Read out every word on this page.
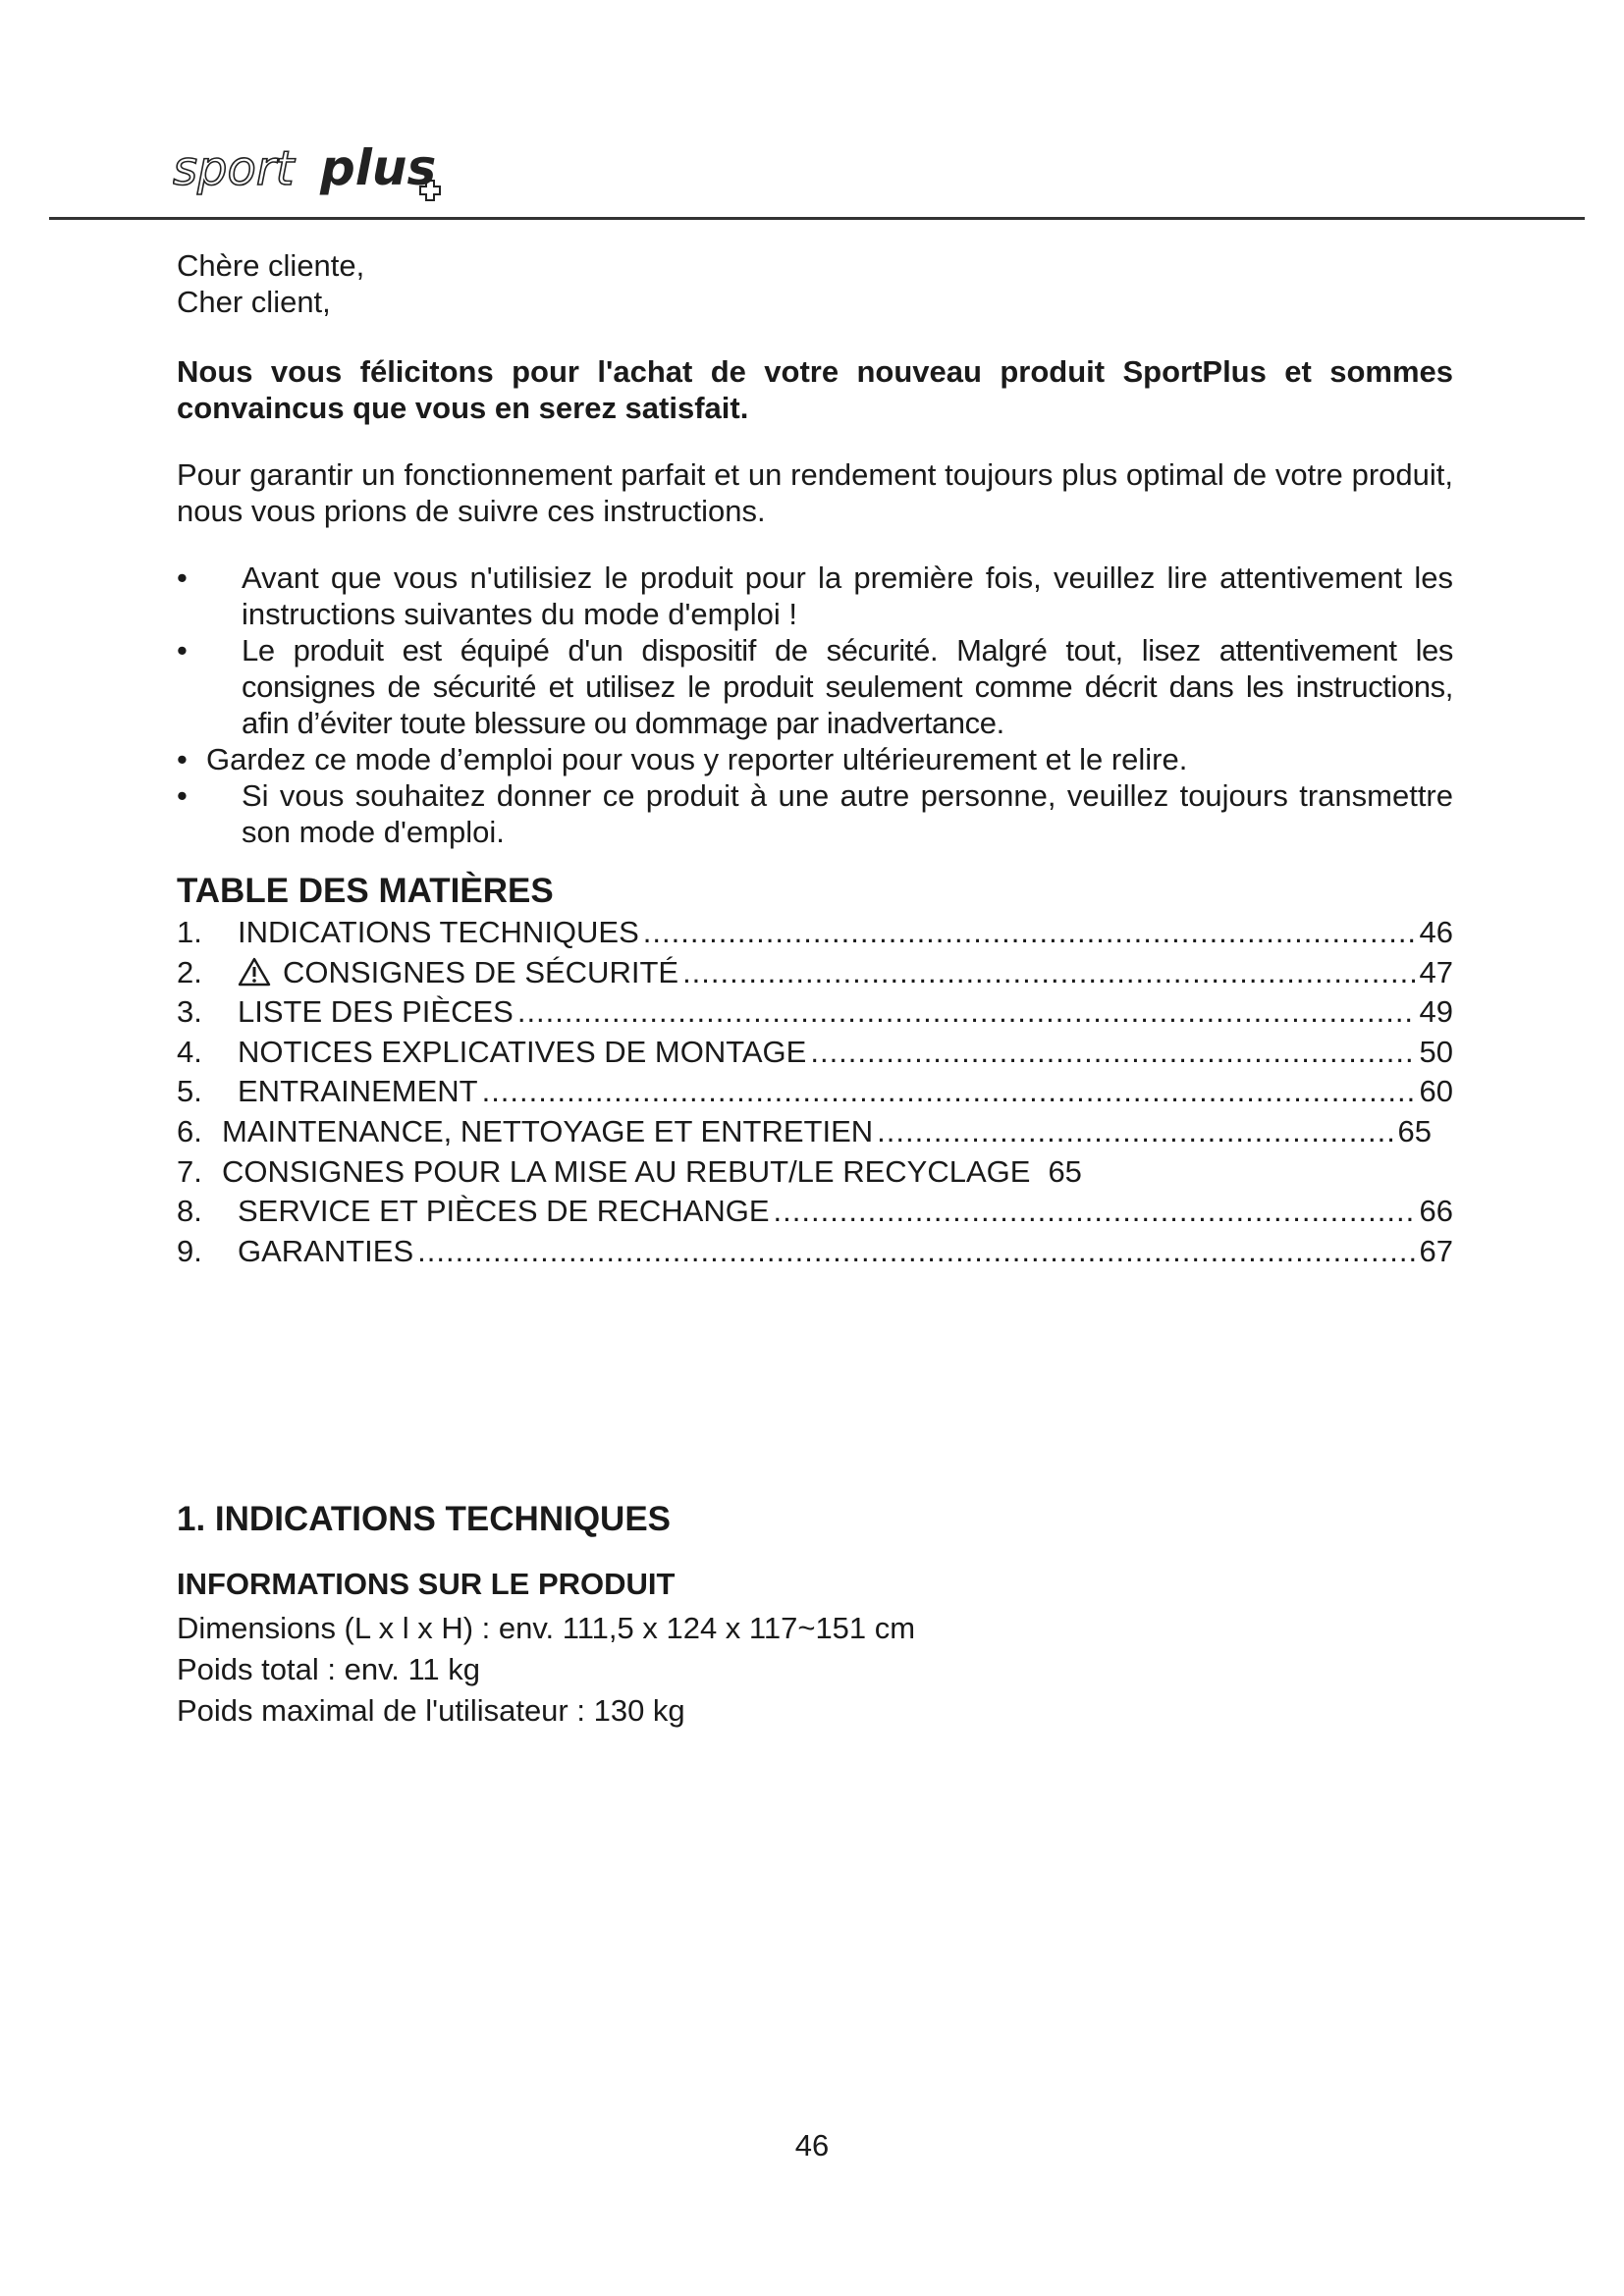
sport plus
Chère cliente,
Cher client,
Nous vous félicitons pour l'achat de votre nouveau produit SportPlus et sommes convaincus que vous en serez satisfait.
Pour garantir un fonctionnement parfait et un rendement toujours plus optimal de votre produit, nous vous prions de suivre ces instructions.
•	Avant que vous n'utilisiez le produit pour la première fois, veuillez lire attentivement les instructions suivantes du mode d'emploi !
•	Le produit est équipé d'un dispositif de sécurité. Malgré tout, lisez attentivement les consignes de sécurité et utilisez le produit seulement comme décrit dans les instructions, afin d’éviter toute blessure ou dommage par inadvertance.
• Gardez ce mode d’emploi pour vous y reporter ultérieurement et le relire.
•	Si vous souhaitez donner ce produit à une autre personne, veuillez toujours transmettre son mode d'emploi.
TABLE DES MATIÈRES
1.	INDICATIONS TECHNIQUES .....	46
2.	CONSIGNES DE SÉCURITÉ .....	47
3.	LISTE DES PIÈCES .....	49
4.	NOTICES EXPLICATIVES DE MONTAGE .....	50
5.	ENTRAINEMENT .....	60
6. MAINTENANCE, NETTOYAGE ET ENTRETIEN .....	65
7. CONSIGNES POUR LA MISE AU REBUT/LE RECYCLAGE 65
8.	SERVICE ET PIÈCES DE RECHANGE .....	66
9.	GARANTIES .....	67
1. INDICATIONS TECHNIQUES
INFORMATIONS SUR LE PRODUIT
Dimensions (L x l x H) : env. 111,5 x 124 x 117~151 cm
Poids total : env. 11 kg
Poids maximal de l'utilisateur : 130 kg
46
